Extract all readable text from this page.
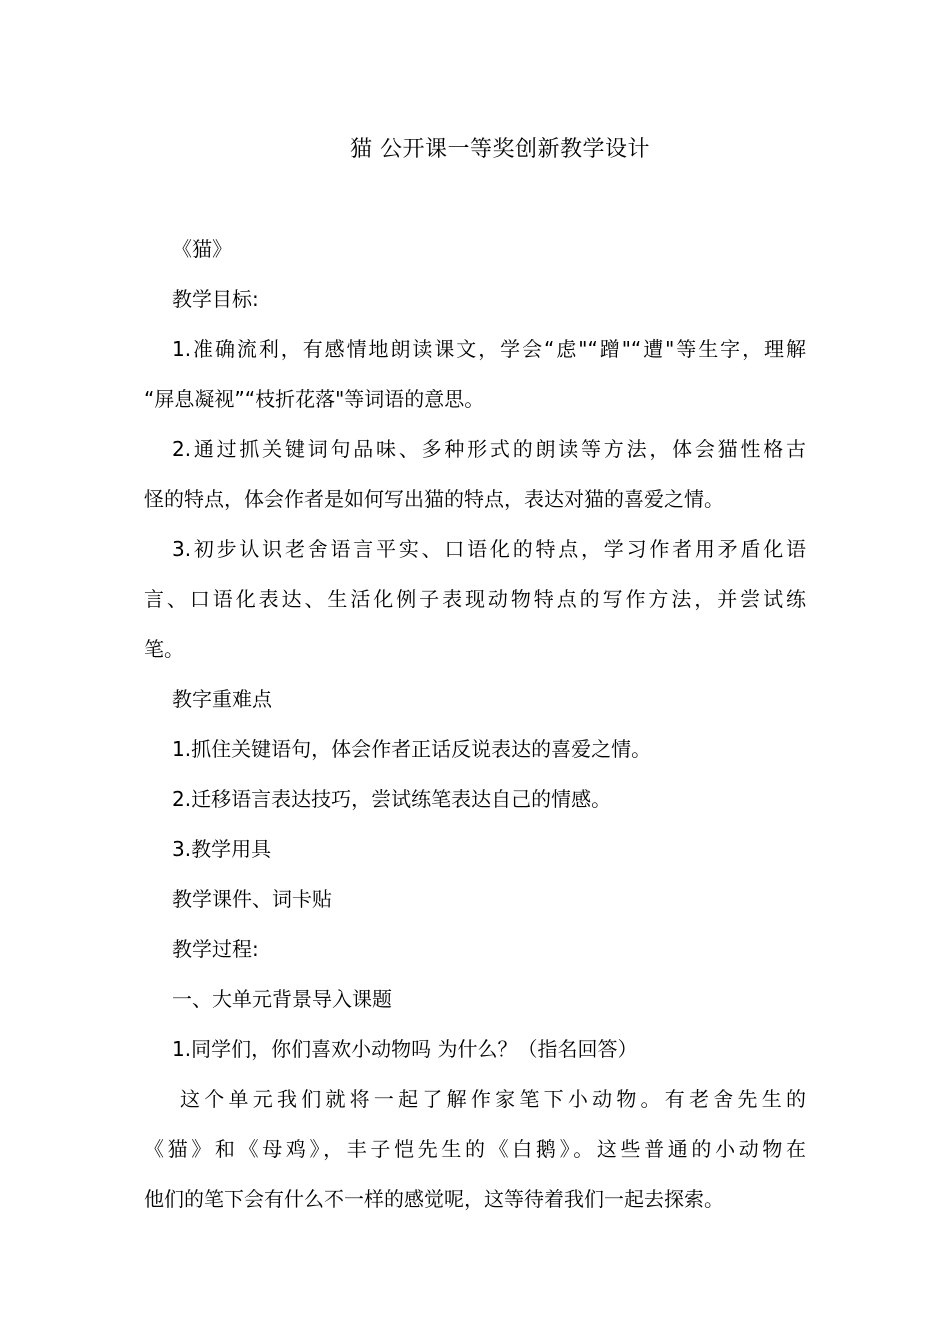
猫 公开课一等奖创新教学设计
《猫》
教学目标:
1.准确流利，有感情地朗读课文，学会“虑"“蹭"“遭"等生字，理解
“屏息凝视”“枝折花落"等词语的意思。
2.通过抓关键词句品味、多种形式的朗读等方法，体会猫性格古
怪的特点，体会作者是如何写出猫的特点，表达对猫的喜爱之情。
3.初步认识老舍语言平实、口语化的特点，学习作者用矛盾化语
言、口语化表达、生活化例子表现动物特点的写作方法，并尝试练
笔。
教字重难点
1.抓住关键语句，体会作者正话反说表达的喜爱之情。
2.迁移语言表达技巧，尝试练笔表达自己的情感。
3.教学用具
教学课件、词卡贴
教学过程:
一、大单元背景导入课题
1.同学们，你们喜欢小动物吗 为什么？（指名回答）
这个单元我们就将一起了解作家笔下小动物。有老舍先生的
《猫》和《母鸡》，丰子恺先生的《白鹅》。这些普通的小动物在
他们的笔下会有什么不一样的感觉呢，这等待着我们一起去探索。
